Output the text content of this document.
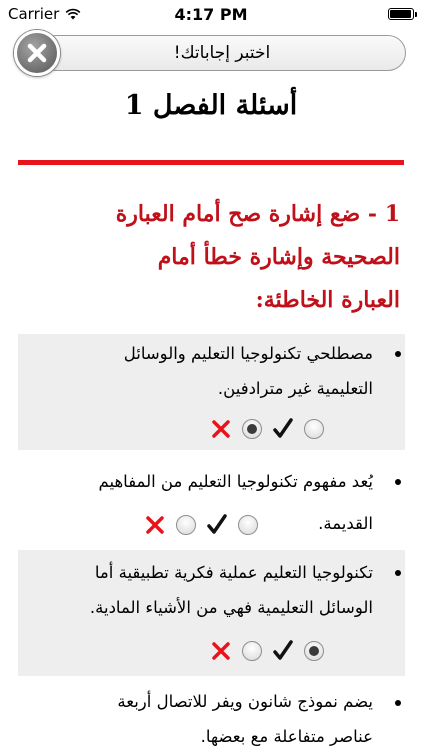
Carrier	4:17 PM
اختبر إجاباتك!
أسئلة الفصل 1
1 - ضع إشارة صح أمام العبارة
الصحيحة وإشارة خطأ أمام
العبارة الخاطئة:
مصطلحي تكنولوجيا التعليم والوسائل
التعليمية غير مترادفين.
يُعد مفهوم تكنولوجيا التعليم من المفاهيم
القديمة.
تكنولوجيا التعليم عملية فكرية تطبيقية أما
الوسائل التعليمية فهي من الأشياء المادية.
يضم نموذج شانون ويفر للاتصال أربعة
عناصر متفاعلة مع بعضها.
